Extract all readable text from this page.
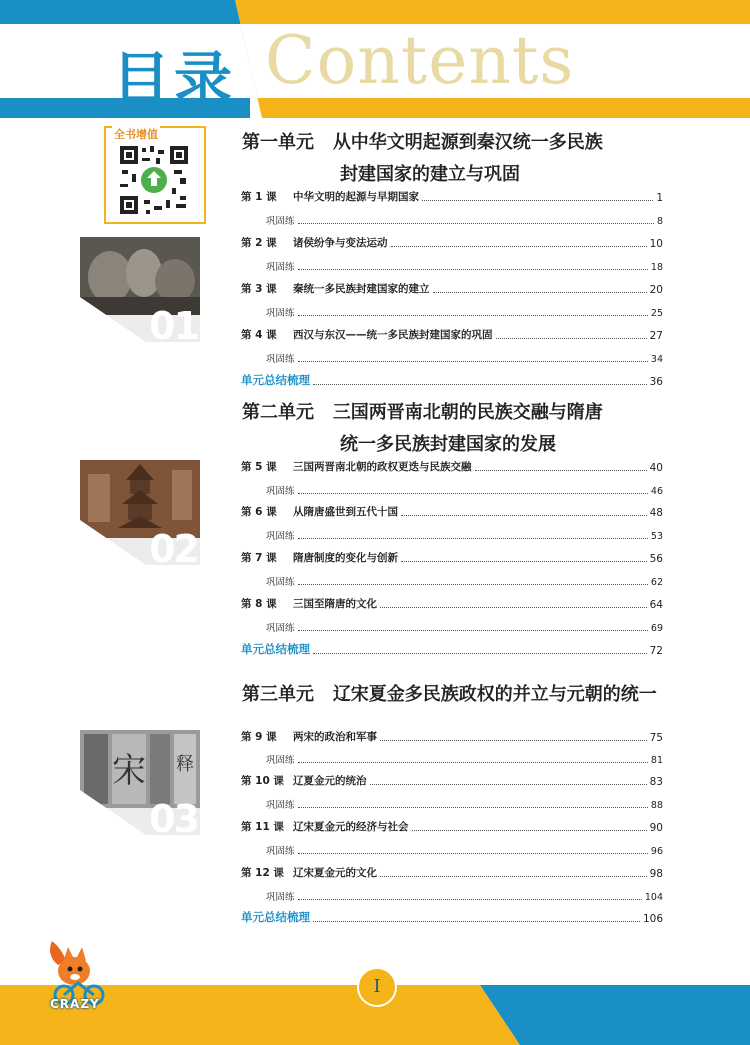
Contents
目录
全书增值
01
02
宋 释
03
第一单元 从中华文明起源到秦汉统一多民族
封建国家的建立与巩固
第 1 课 中华文明的起源与早期国家	1
巩固练	8
第 2 课 诸侯纷争与变法运动	10
巩固练	18
第 3 课 秦统一多民族封建国家的建立	20
巩固练	25
第 4 课 西汉与东汉——统一多民族封建国家的巩固	27
巩固练	34
单元总结梳理	36
第二单元 三国两晋南北朝的民族交融与隋唐
统一多民族封建国家的发展
第 5 课 三国两晋南北朝的政权更迭与民族交融	40
巩固练	46
第 6 课 从隋唐盛世到五代十国	48
巩固练	53
第 7 课 隋唐制度的变化与创新	56
巩固练	62
第 8 课 三国至隋唐的文化	64
巩固练	69
单元总结梳理	72
第三单元 辽宋夏金多民族政权的并立与元朝的统一
第 9 课 两宋的政治和军事	75
巩固练	81
第 10 课 辽夏金元的统治	83
巩固练	88
第 11 课 辽宋夏金元的经济与社会	90
巩固练	96
第 12 课 辽宋夏金元的文化	98
巩固练	104
单元总结梳理	106
I
CRAZY
